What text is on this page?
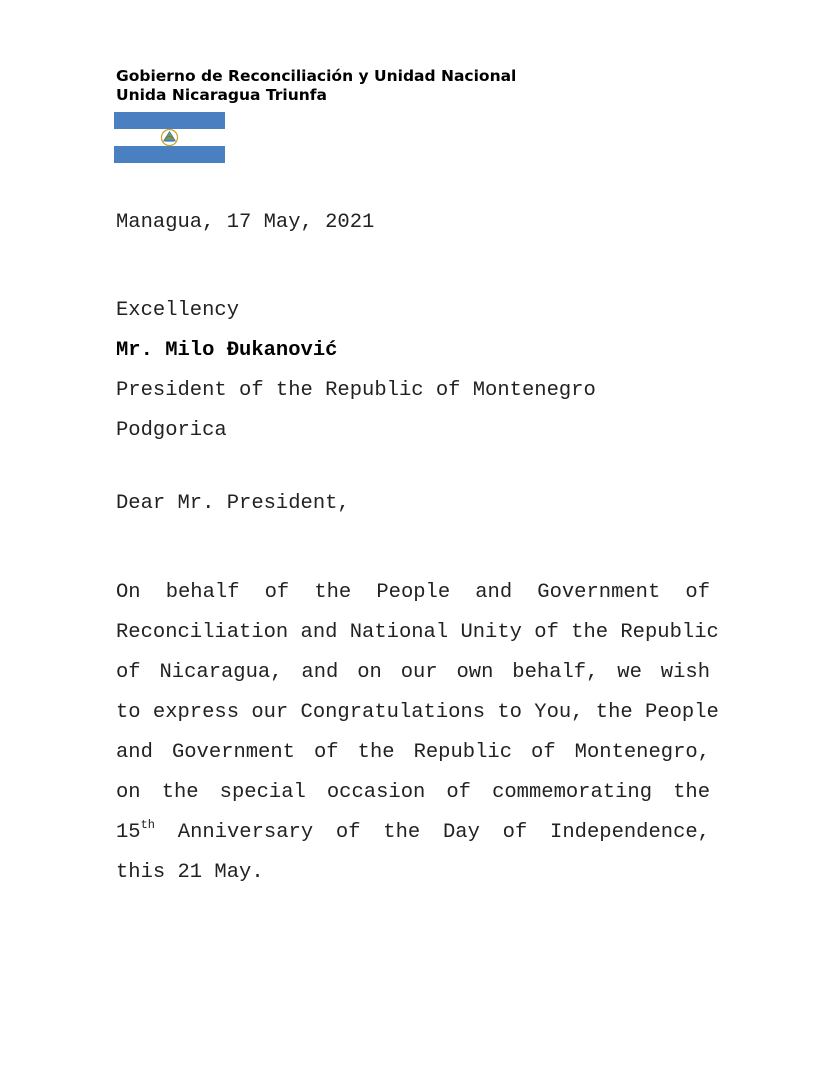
Gobierno de Reconciliación y Unidad Nacional
Unida Nicaragua Triunfa
Managua, 17 May, 2021
Excellency
Mr. Milo Đukanović
President of the Republic of Montenegro
Podgorica
Dear Mr. President,
On behalf of the People and Government of
Reconciliation and National Unity of the Republic
of Nicaragua, and on our own behalf, we wish
to express our Congratulations to You, the People
and Government of the Republic of Montenegro,
on the special occasion of commemorating the
15th Anniversary of the Day of Independence,
this 21 May.
